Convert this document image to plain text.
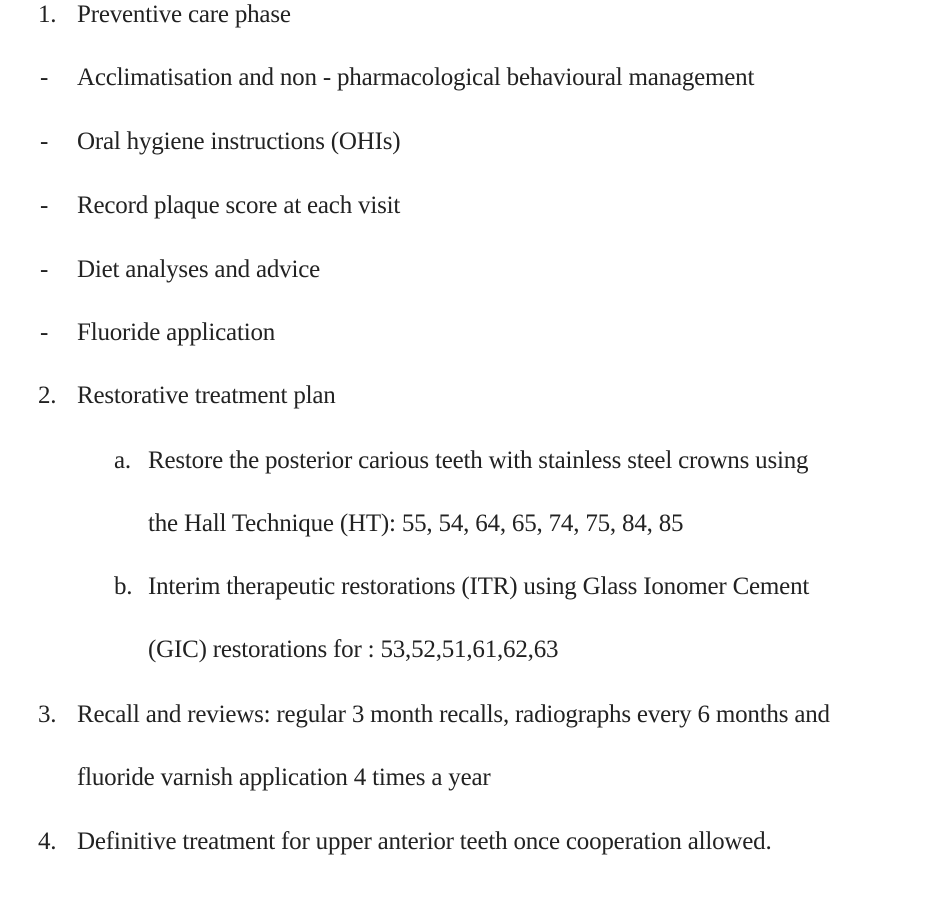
1. Preventive care phase
- Acclimatisation and non - pharmacological behavioural management
- Oral hygiene instructions (OHIs)
- Record plaque score at each visit
- Diet analyses and advice
- Fluoride application
2. Restorative treatment plan
a. Restore the posterior carious teeth with stainless steel crowns using
the Hall Technique (HT): 55, 54, 64, 65, 74, 75, 84, 85
b. Interim therapeutic restorations (ITR) using Glass Ionomer Cement
(GIC) restorations for : 53,52,51,61,62,63
3. Recall and reviews: regular 3 month recalls, radiographs every 6 months and
fluoride varnish application 4 times a year
4. Definitive treatment for upper anterior teeth once cooperation allowed.
